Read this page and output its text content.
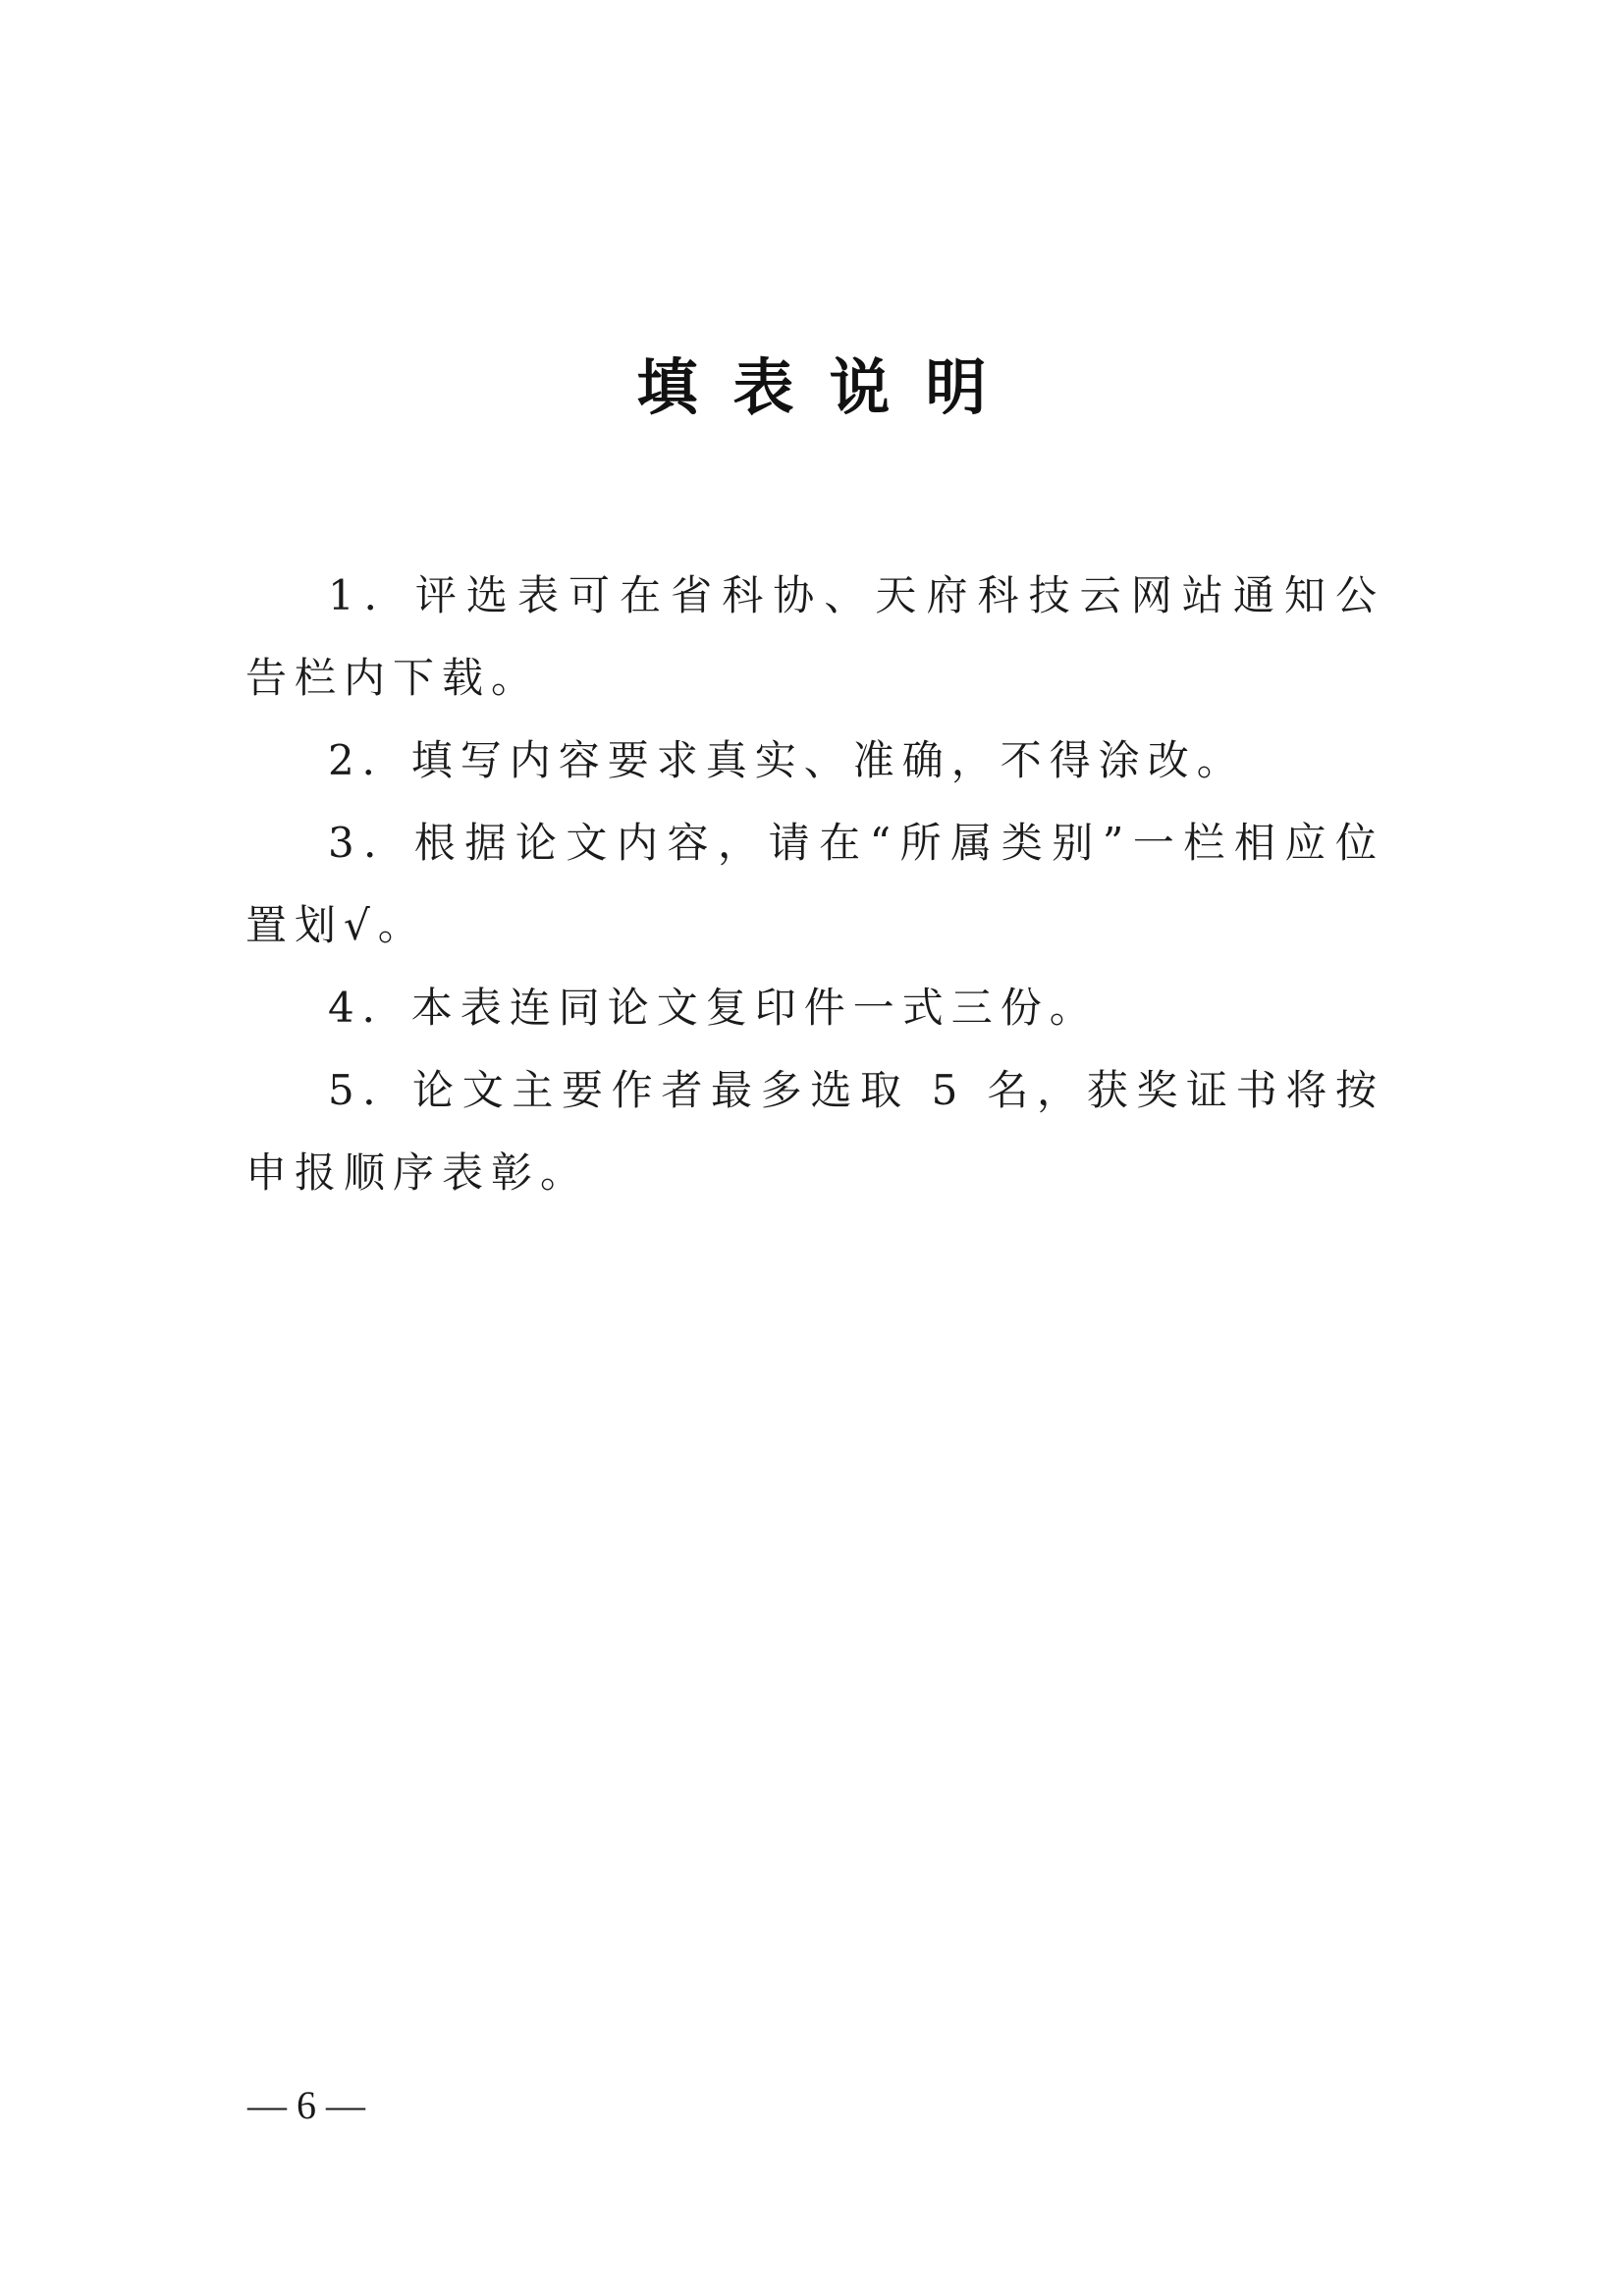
填表说明

1．评选表可在省科协、天府科技云网站通知公告栏内下载。

2．填写内容要求真实、准确，不得涂改。

3．根据论文内容，请在“所属类别”一栏相应位置划√。

4．本表连同论文复印件一式三份。

5．论文主要作者最多选取 5 名，获奖证书将按申报顺序表彰。

— 6 —
